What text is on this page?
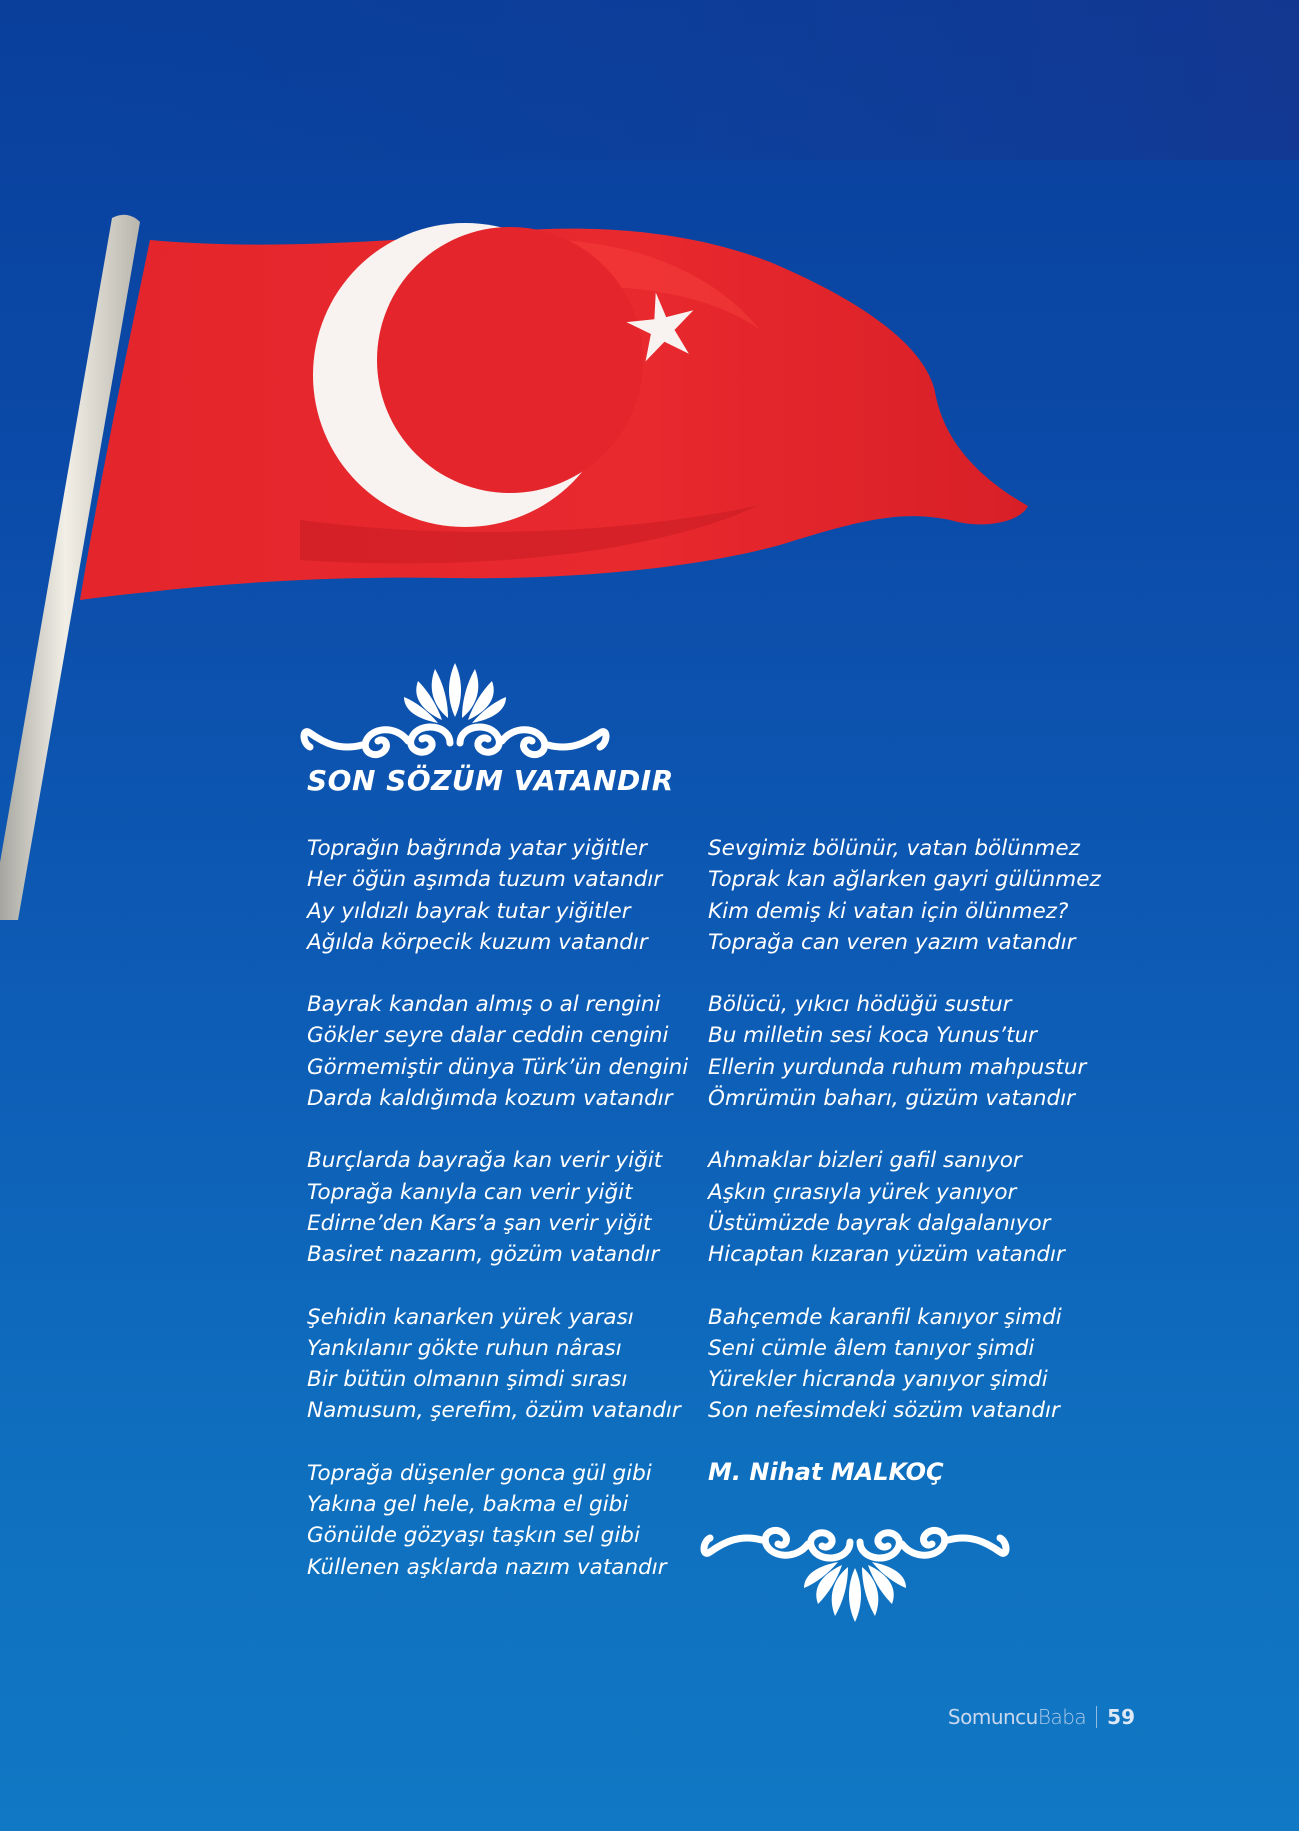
SON SÖZÜM VATANDIR
Toprağın bağrında yatar yiğitler
Her öğün aşımda tuzum vatandır
Ay yıldızlı bayrak tutar yiğitler
Ağılda körpecik kuzum vatandır
Bayrak kandan almış o al rengini
Gökler seyre dalar ceddin cengini
Görmemiştir dünya Türk’ün dengini
Darda kaldığımda kozum vatandır
Burçlarda bayrağa kan verir yiğit
Toprağa kanıyla can verir yiğit
Edirne’den Kars’a şan verir yiğit
Basiret nazarım, gözüm vatandır
Şehidin kanarken yürek yarası
Yankılanır gökte ruhun nârası
Bir bütün olmanın şimdi sırası
Namusum, şerefim, özüm vatandır
Toprağa düşenler gonca gül gibi
Yakına gel hele, bakma el gibi
Gönülde gözyaşı taşkın sel gibi
Küllenen aşklarda nazım vatandır
Sevgimiz bölünür, vatan bölünmez
Toprak kan ağlarken gayri gülünmez
Kim demiş ki vatan için ölünmez?
Toprağa can veren yazım vatandır
Bölücü, yıkıcı hödüğü sustur
Bu milletin sesi koca Yunus’tur
Ellerin yurdunda ruhum mahpustur
Ömrümün baharı, güzüm vatandır
Ahmaklar bizleri gafil sanıyor
Aşkın çırasıyla yürek yanıyor
Üstümüzde bayrak dalgalanıyor
Hicaptan kızaran yüzüm vatandır
Bahçemde karanfil kanıyor şimdi
Seni cümle âlem tanıyor şimdi
Yürekler hicranda yanıyor şimdi
Son nefesimdeki sözüm vatandır
M. Nihat MALKOÇ
Somuncu Baba 59
